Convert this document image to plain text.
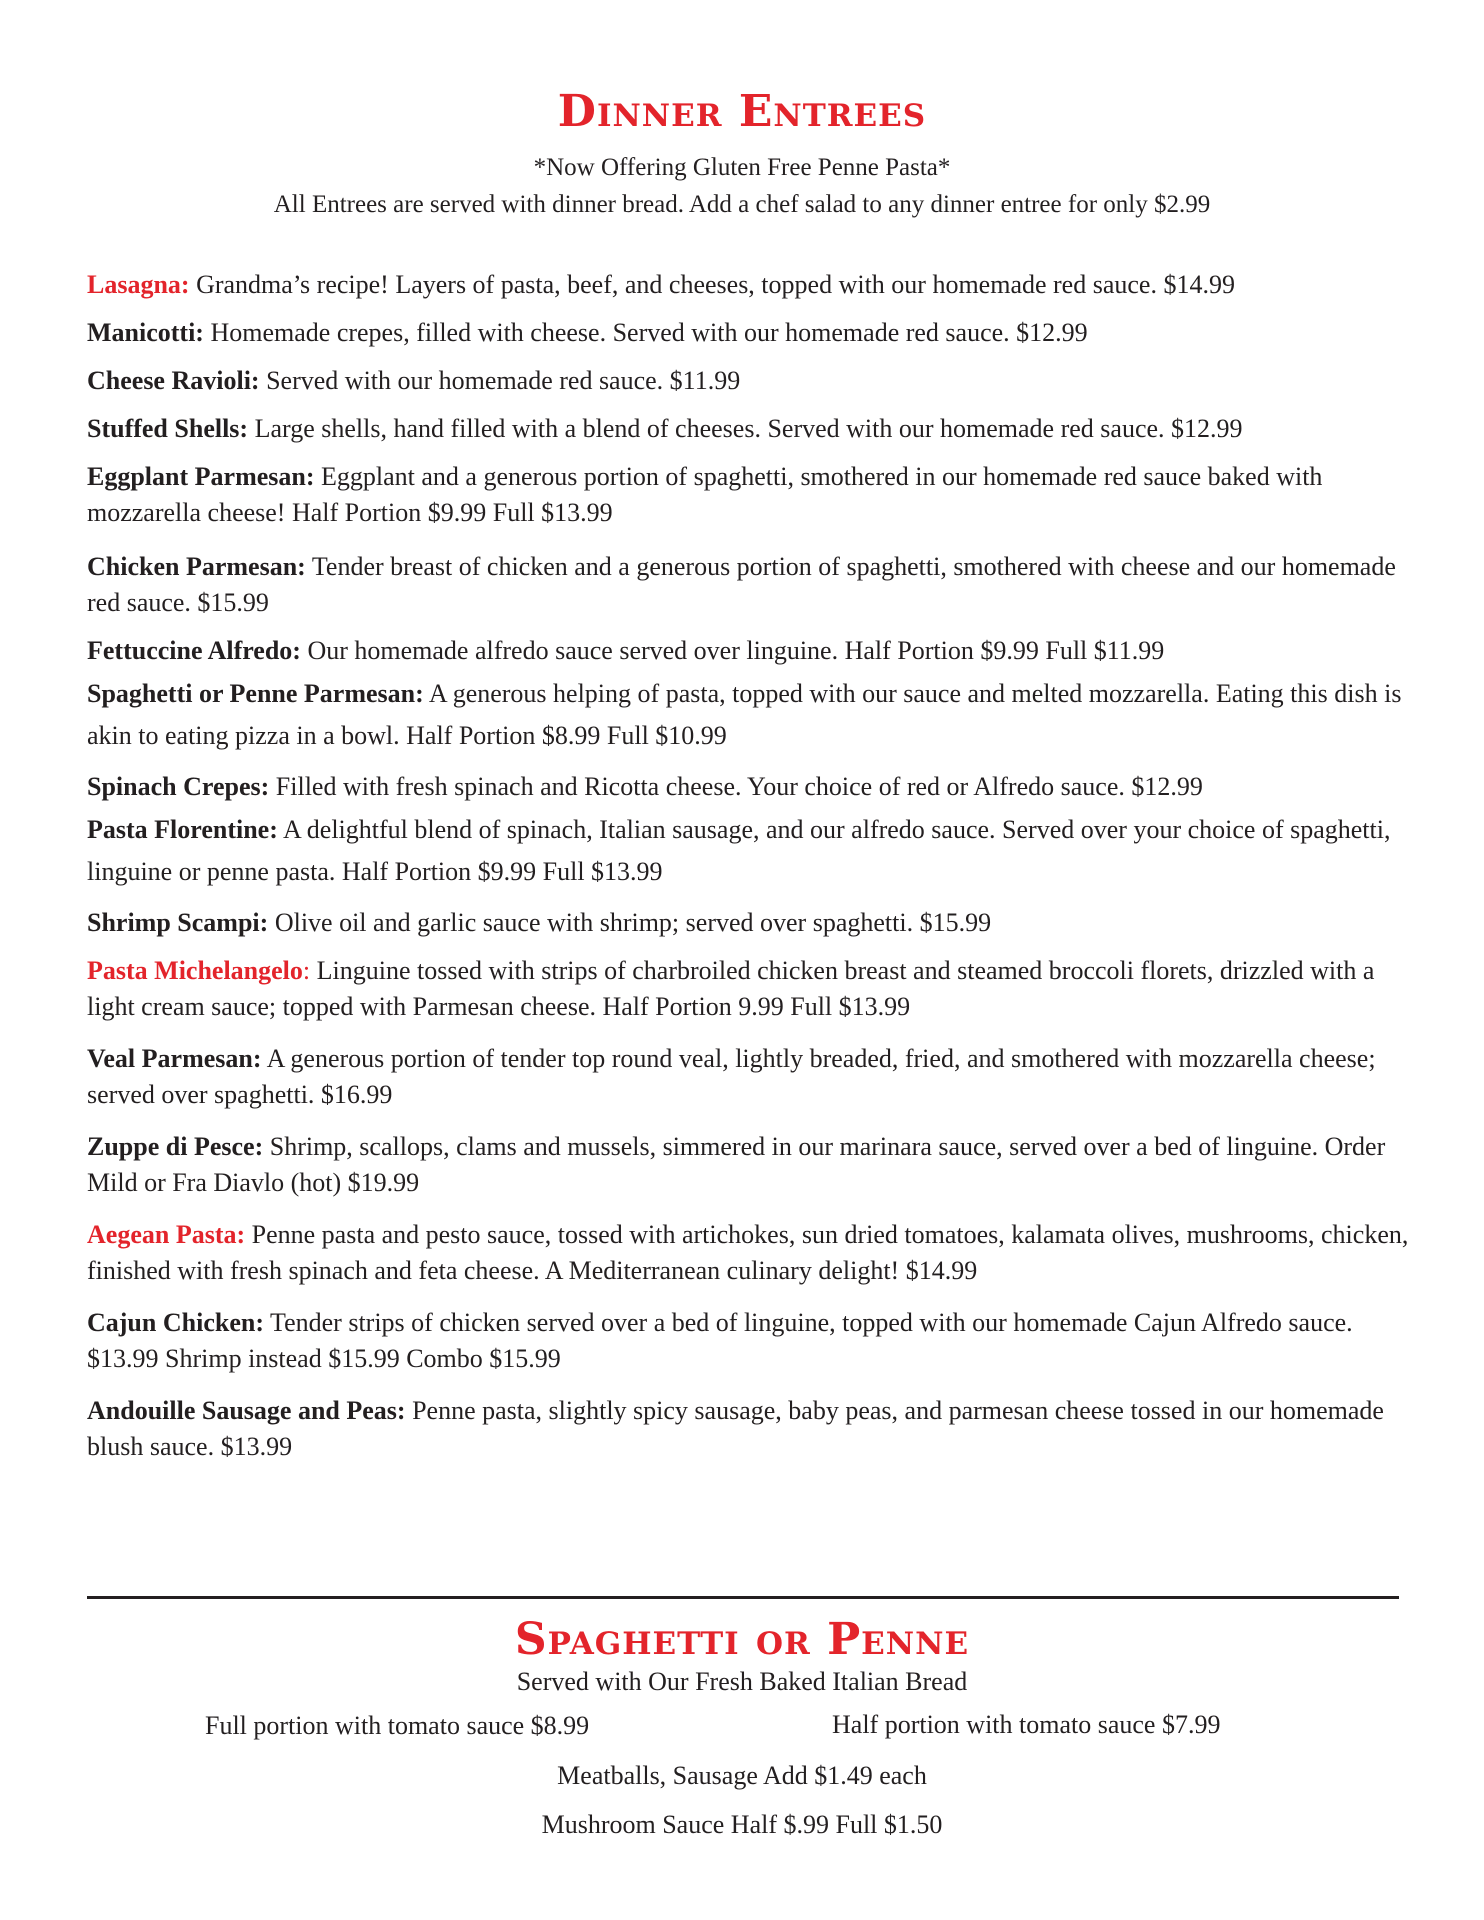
Dinner Entrees
*Now Offering Gluten Free Penne Pasta*
All Entrees are served with dinner bread. Add a chef salad to any dinner entree for only $2.99
Lasagna: Grandma’s recipe! Layers of pasta, beef, and cheeses, topped with our homemade red sauce. $14.99
Manicotti: Homemade crepes, filled with cheese. Served with our homemade red sauce. $12.99
Cheese Ravioli: Served with our homemade red sauce. $11.99
Stuffed Shells: Large shells, hand filled with a blend of cheeses. Served with our homemade red sauce. $12.99
Eggplant Parmesan: Eggplant and a generous portion of spaghetti, smothered in our homemade red sauce baked with mozzarella cheese! Half Portion $9.99 Full $13.99
Chicken Parmesan: Tender breast of chicken and a generous portion of spaghetti, smothered with cheese and our homemade red sauce. $15.99
Fettuccine Alfredo: Our homemade alfredo sauce served over linguine. Half Portion $9.99 Full $11.99
Spaghetti or Penne Parmesan: A generous helping of pasta, topped with our sauce and melted mozzarella. Eating this dish is akin to eating pizza in a bowl. Half Portion $8.99 Full $10.99
Spinach Crepes: Filled with fresh spinach and Ricotta cheese. Your choice of red or Alfredo sauce. $12.99
Pasta Florentine: A delightful blend of spinach, Italian sausage, and our alfredo sauce. Served over your choice of spaghetti, linguine or penne pasta. Half Portion $9.99 Full $13.99
Shrimp Scampi: Olive oil and garlic sauce with shrimp; served over spaghetti. $15.99
Pasta Michelangelo: Linguine tossed with strips of charbroiled chicken breast and steamed broccoli florets, drizzled with a light cream sauce; topped with Parmesan cheese. Half Portion 9.99 Full $13.99
Veal Parmesan: A generous portion of tender top round veal, lightly breaded, fried, and smothered with mozzarella cheese; served over spaghetti. $16.99
Zuppe di Pesce: Shrimp, scallops, clams and mussels, simmered in our marinara sauce, served over a bed of linguine. Order Mild or Fra Diavlo (hot) $19.99
Aegean Pasta: Penne pasta and pesto sauce, tossed with artichokes, sun dried tomatoes, kalamata olives, mushrooms, chicken, finished with fresh spinach and feta cheese. A Mediterranean culinary delight! $14.99
Cajun Chicken: Tender strips of chicken served over a bed of linguine, topped with our homemade Cajun Alfredo sauce. $13.99 Shrimp instead $15.99 Combo $15.99
Andouille Sausage and Peas: Penne pasta, slightly spicy sausage, baby peas, and parmesan cheese tossed in our homemade blush sauce. $13.99
Spaghetti or Penne
Served with Our Fresh Baked Italian Bread
Full portion with tomato sauce $8.99	Half portion with tomato sauce $7.99
Meatballs, Sausage Add $1.49 each
Mushroom Sauce Half $.99 Full $1.50
